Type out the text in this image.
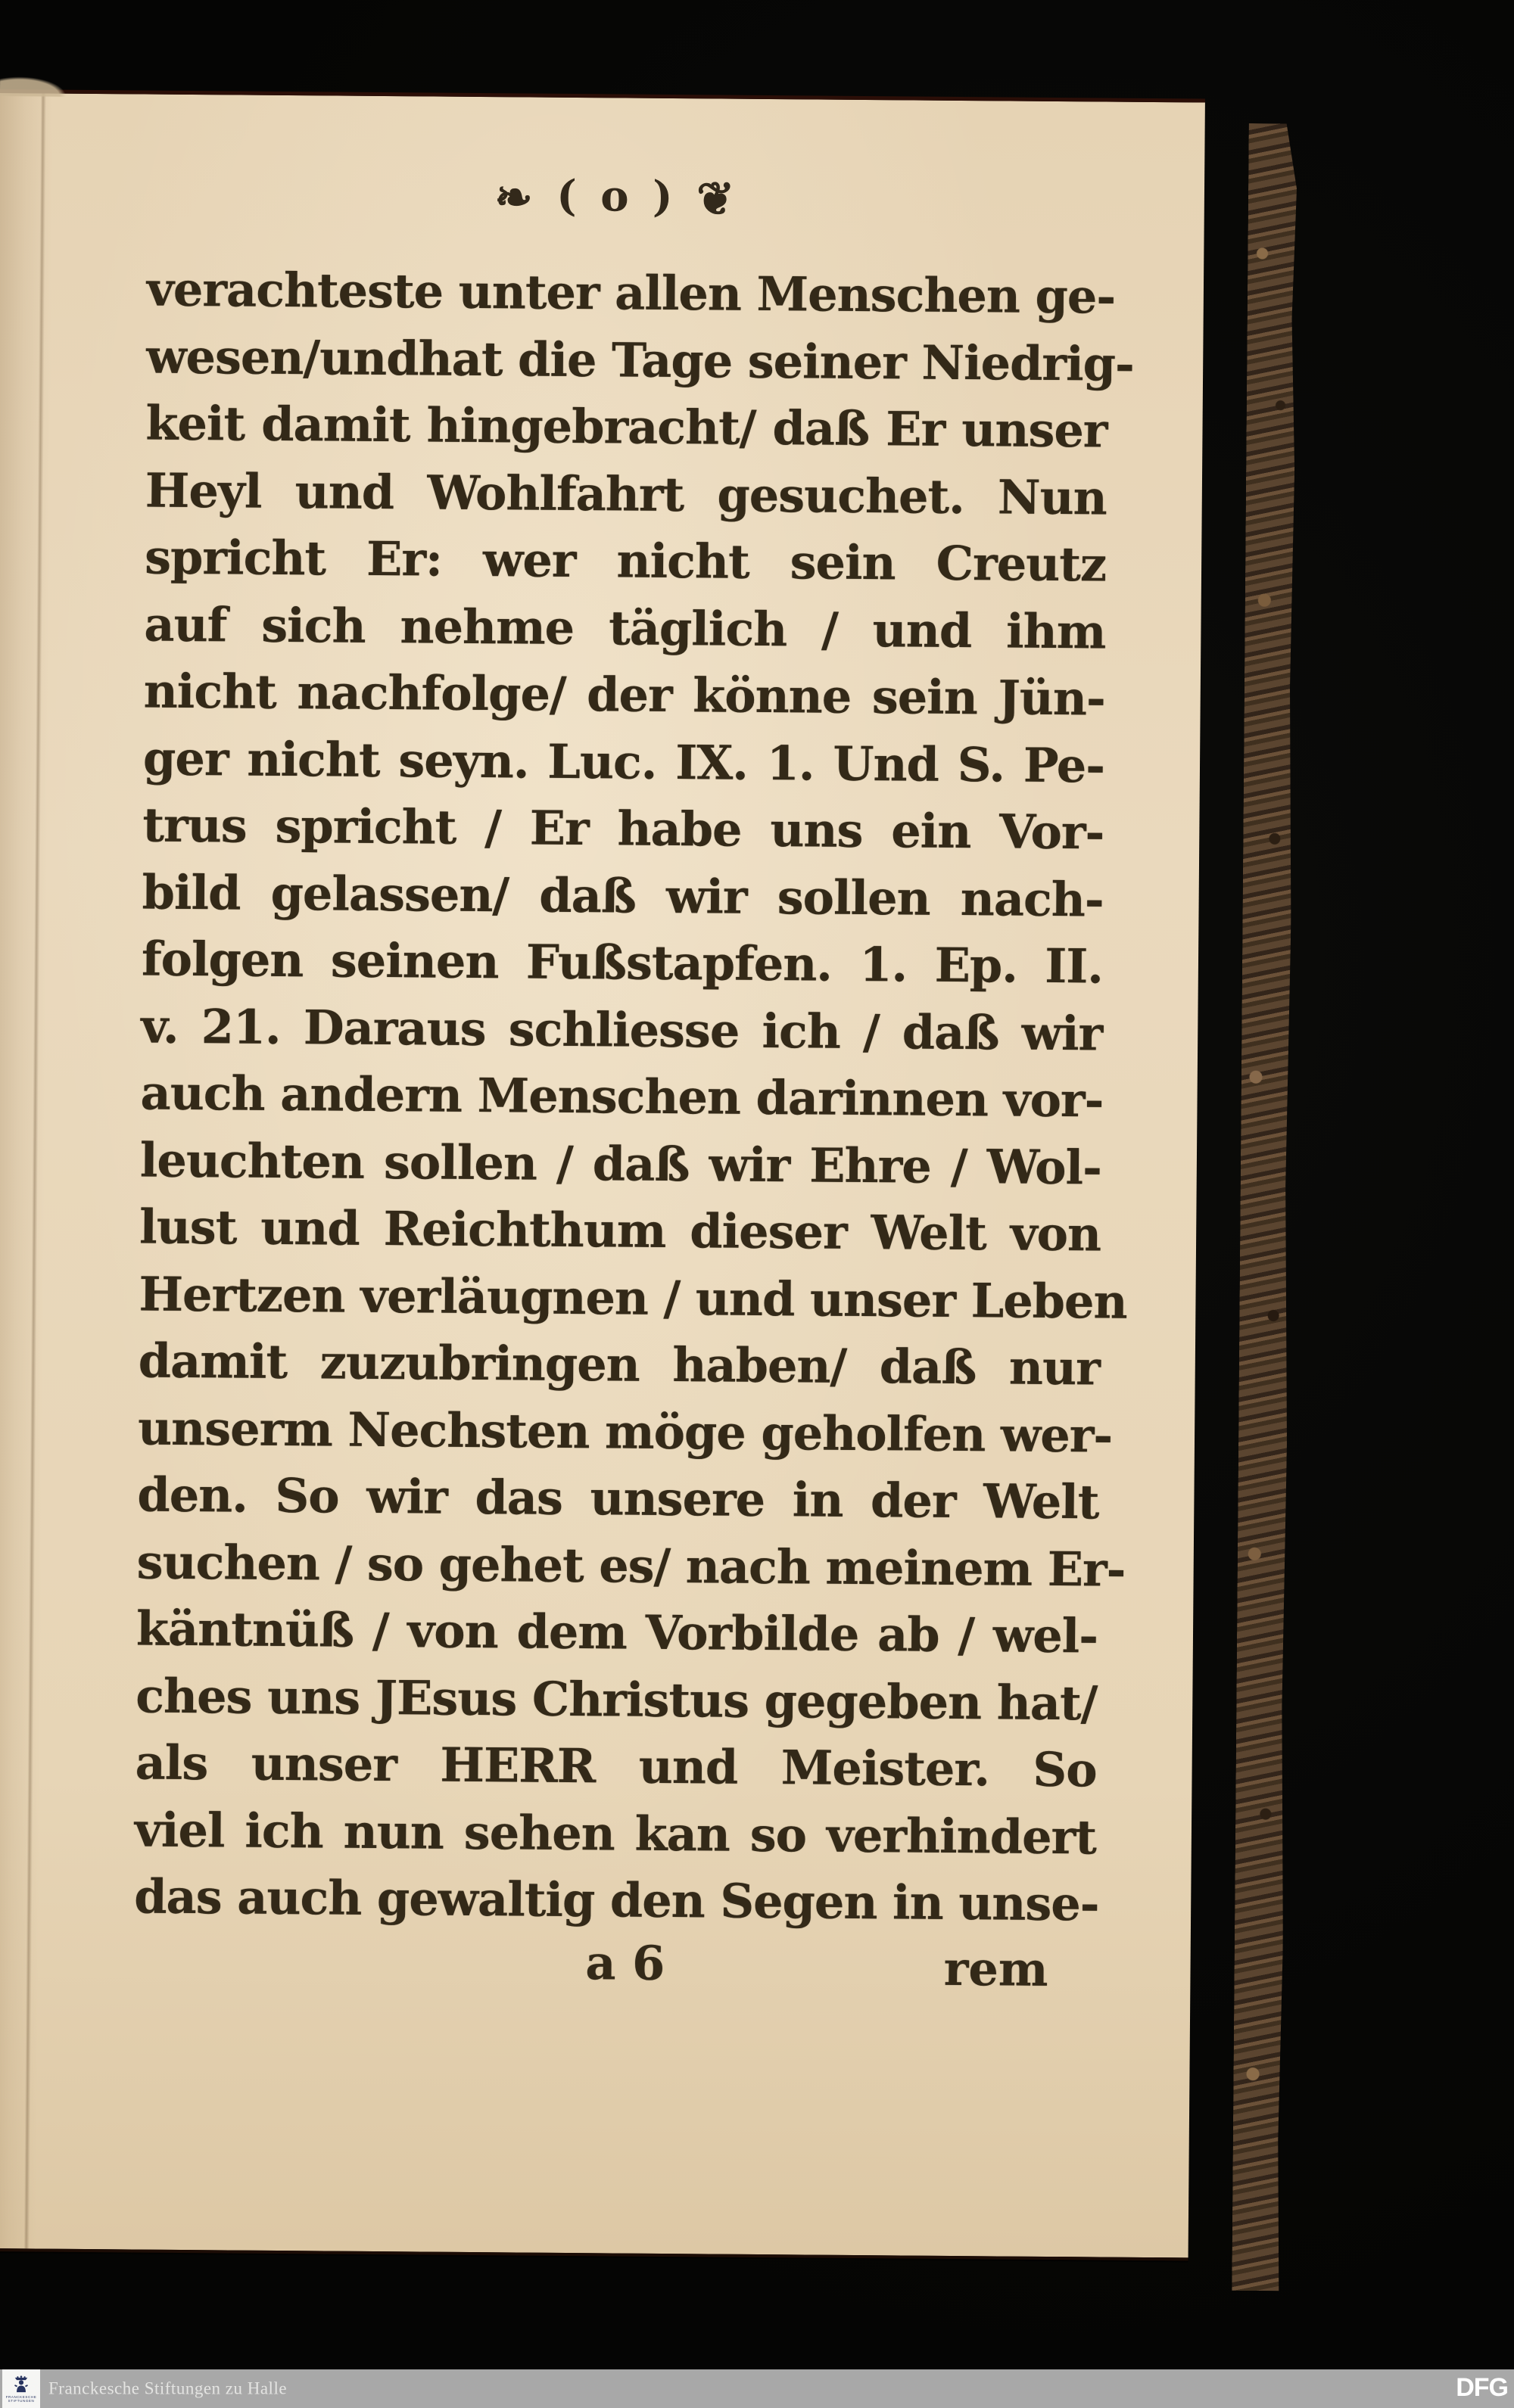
❧ ( o ) ❦
verachteste unter allen Menschen ge-
wesen/undhat die Tage seiner Niedrig-
keit damit hingebracht/ daß Er unser
Heyl und Wohlfahrt gesuchet. Nun
spricht Er: wer nicht sein Creutz
auf sich nehme täglich / und ihm
nicht nachfolge/ der könne sein Jün-
ger nicht seyn. Luc. IX. 1. Und S. Pe-
trus spricht / Er habe uns ein Vor-
bild gelassen/ daß wir sollen nach-
folgen seinen Fußstapfen. 1. Ep. II.
v. 21. Daraus schliesse ich / daß wir
auch andern Menschen darinnen vor-
leuchten sollen / daß wir Ehre / Wol-
lust und Reichthum dieser Welt von
Hertzen verläugnen / und unser Leben
damit zuzubringen haben/ daß nur
unserm Nechsten möge geholfen wer-
den. So wir das unsere in der Welt
suchen / so gehet es/ nach meinem Er-
käntnüß / von dem Vorbilde ab / wel-
ches uns JEsus Christus gegeben hat/
als unser HERR und Meister. So
viel ich nun sehen kan so verhindert
das auch gewaltig den Segen in unse-
a 6	rem
FRANCKESCHE
STIFTUNGEN
Franckesche Stiftungen zu Halle	DFG
